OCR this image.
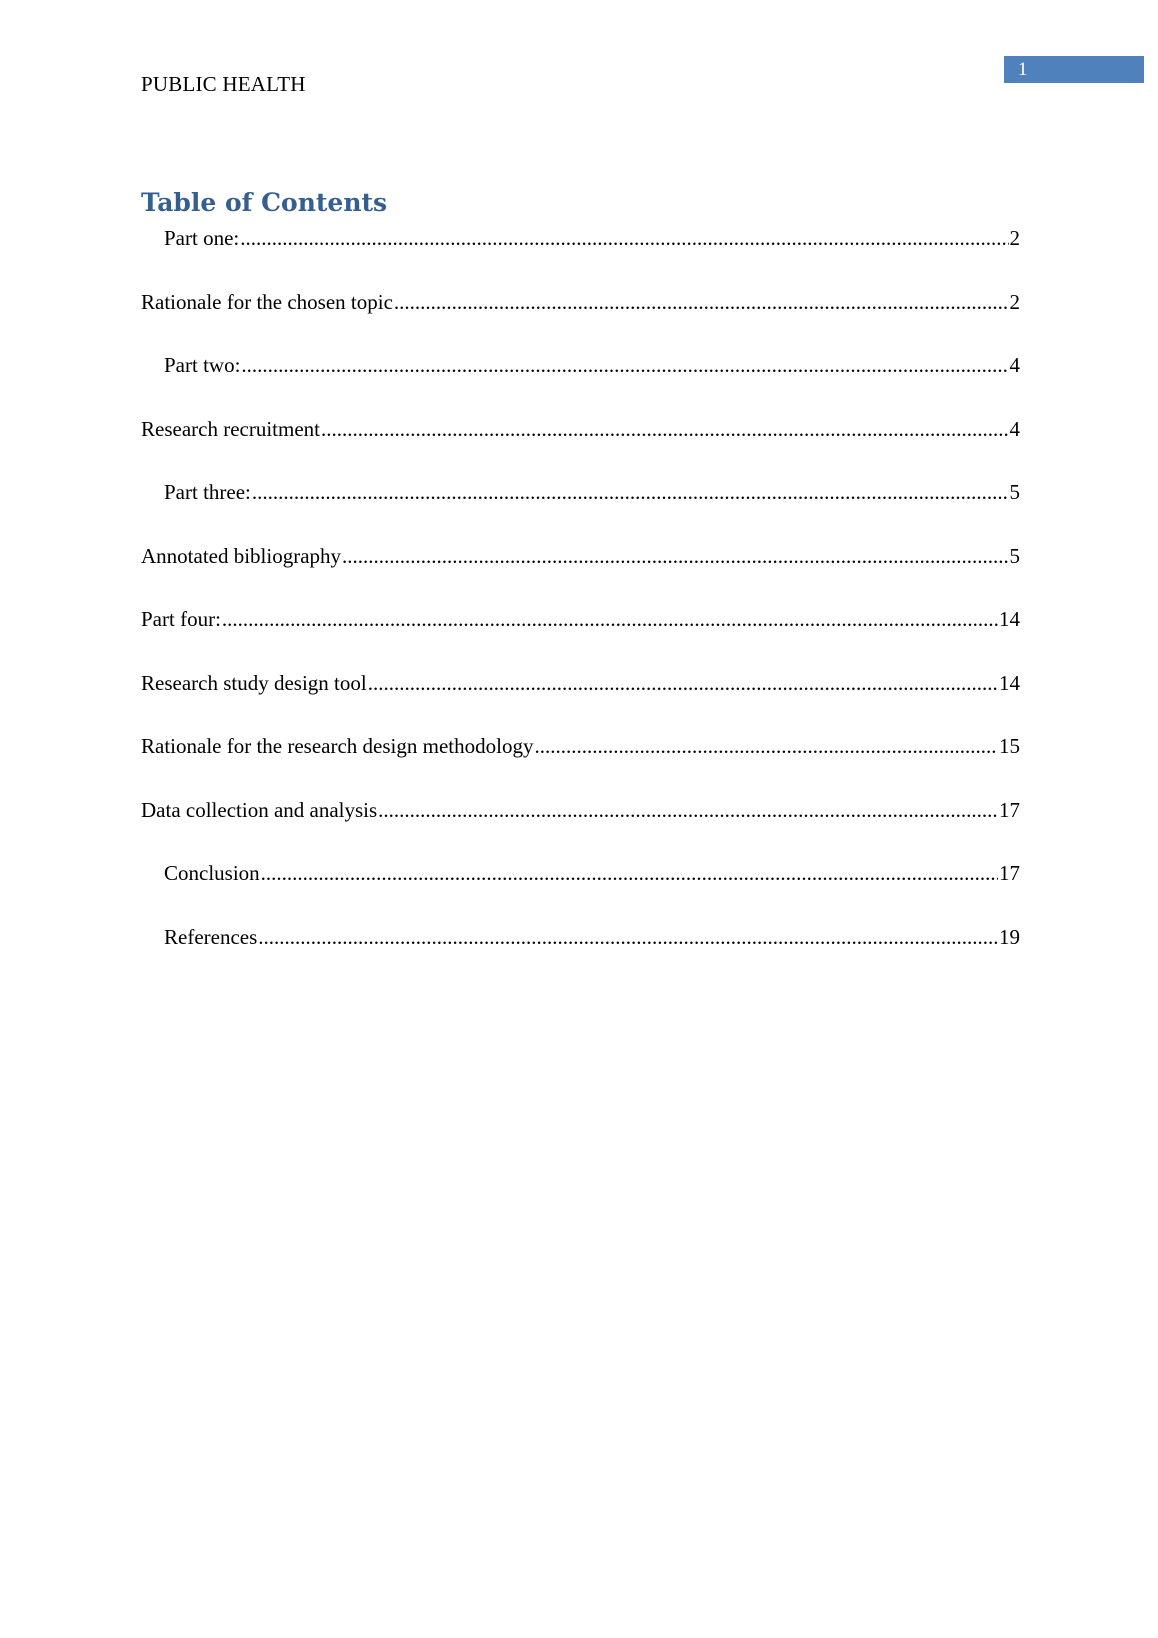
PUBLIC HEALTH
1
Table of Contents
Part one: .....	2
Rationale for the chosen topic .....	2
Part two: .....	4
Research recruitment .....	4
Part three: .....	5
Annotated bibliography .....	5
Part four: .....	14
Research study design tool .....	14
Rationale for the research design methodology .....	15
Data collection and analysis .....	17
Conclusion .....	17
References .....	19
